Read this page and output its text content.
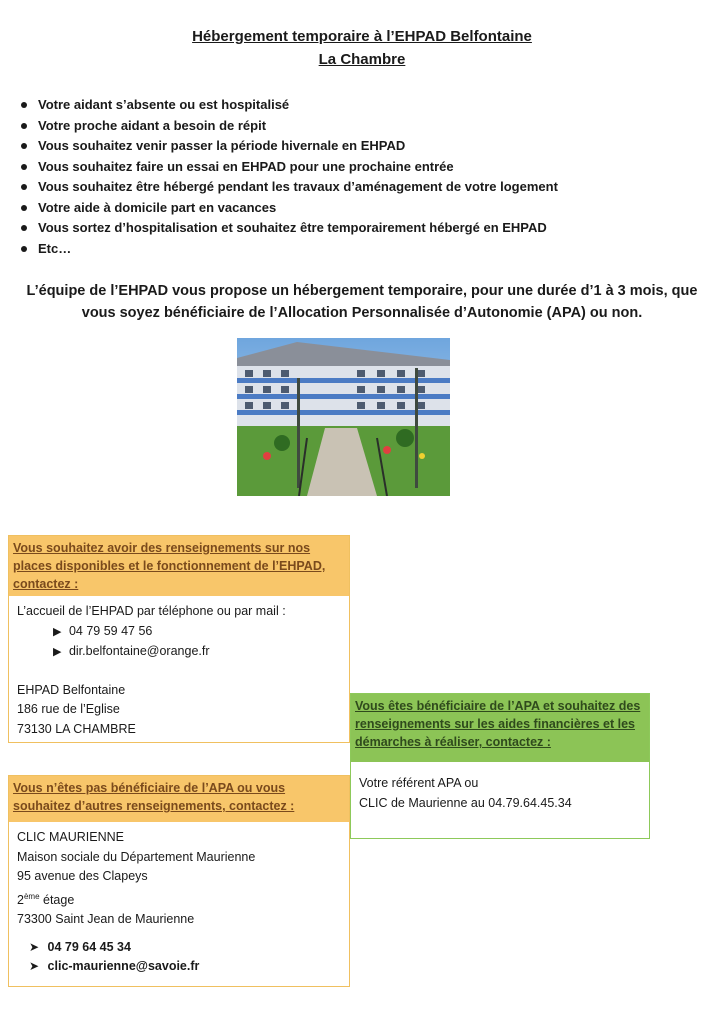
Hébergement temporaire à l’EHPAD Belfontaine
La Chambre
Votre aidant s’absente ou est hospitalisé
Votre proche aidant a besoin de répit
Vous souhaitez venir passer la période hivernale en EHPAD
Vous souhaitez faire un essai en EHPAD pour une prochaine entrée
Vous souhaitez être hébergé pendant les travaux d’aménagement de votre logement
Votre aide à domicile part en vacances
Vous sortez d’hospitalisation et souhaitez être temporairement hébergé en EHPAD
Etc…

L’équipe de l’EHPAD vous propose un hébergement temporaire, pour une durée d’1 à 3 mois, que
vous soyez bénéficiaire de l’Allocation Personnalisée d’Autonomie (APA) ou non.

Vous souhaitez avoir des renseignements sur nos places disponibles et le fonctionnement de l’EHPAD, contactez :
L’accueil de l’EHPAD par téléphone ou par mail :
▶ 04 79 59 47 56
▶ dir.belfontaine@orange.fr
EHPAD Belfontaine
186 rue de l’Eglise
73130 LA CHAMBRE
Vous êtes bénéficiaire de l’APA et souhaitez des renseignements sur les aides financières et les démarches à réaliser, contactez :
Votre référent APA ou
CLIC de Maurienne au 04.79.64.45.34
Vous n’êtes pas bénéficiaire de l’APA ou vous souhaitez d’autres renseignements, contactez :
CLIC MAURIENNE
Maison sociale du Département Maurienne
95 avenue des Clapeys
2ème étage
73300 Saint Jean de Maurienne
➤ 04 79 64 45 34
➤ clic-maurienne@savoie.fr
